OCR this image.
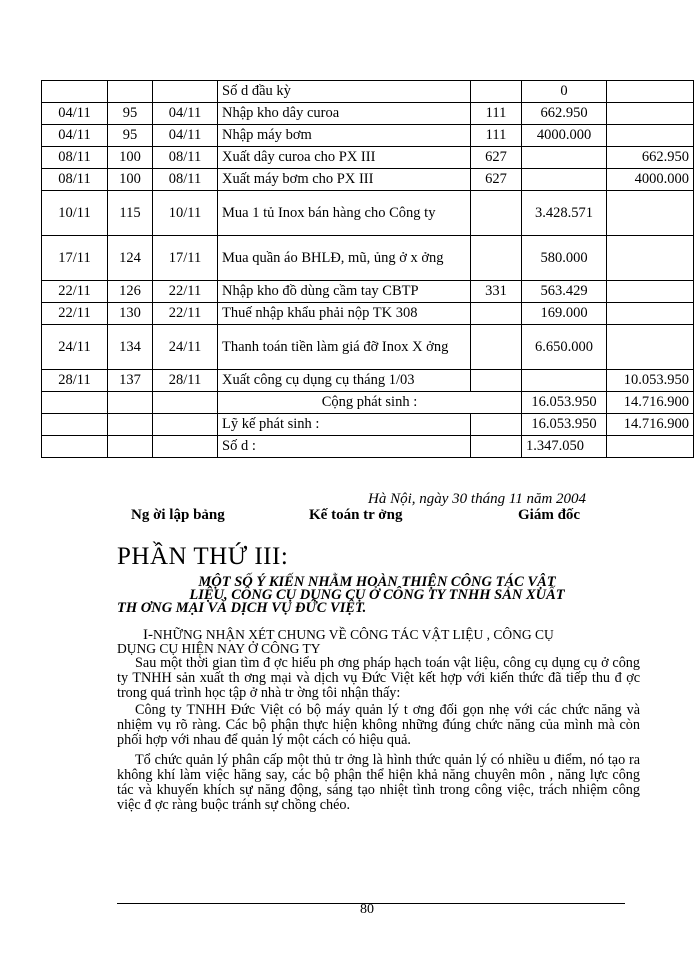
			Số d đầu kỳ		0	
04/11	95	04/11	Nhập kho dây curoa	111	662.950	
04/11	95	04/11	Nhập máy bơm	111	4000.000	
08/11	100	08/11	Xuất dây curoa cho PX III	627		662.950
08/11	100	08/11	Xuất máy bơm cho PX III	627		4000.000
10/11	115	10/11	Mua 1 tủ Inox bán hàng cho Công ty		3.428.571	
17/11	124	17/11	Mua quần áo BHLĐ, mũ, ủng ở x ởng		580.000	
22/11	126	22/11	Nhập kho đồ dùng cầm tay CBTP	331	563.429	
22/11	130	22/11	Thuế nhập khẩu phải nộp TK 308		169.000	
24/11	134	24/11	Thanh toán tiền làm giá đỡ Inox X ởng		6.650.000	
28/11	137	28/11	Xuất công cụ dụng cụ tháng 1/03			10.053.950
			Cộng phát sinh :		16.053.950	14.716.900
			Lỹ kế phát sinh :		16.053.950	14.716.900
			Số d :		1.347.050	
Hà Nội, ngày 30 tháng 11 năm 2004
Ng ời lập bảng	Kế toán tr ởng	Giám đốc
PHẦN THỨ III:
MỘT SỐ Ý KIẾN NHẰM HOÀN THIỆN CÔNG TÁC VẬT
LIỆU, CÔNG CỤ DỤNG CỤ Ở CÔNG TY TNHH SẢN XUẤT
TH ƠNG MẠI VÀ DỊCH VỤ ĐỨC VIỆT.
I-NHỮNG NHẬN XÉT CHUNG VỀ CÔNG TÁC VẬT LIỆU , CÔNG CỤ
DỤNG CỤ HIỆN NAY Ở CÔNG TY

Sau một thời gian tìm đ ợc hiểu ph ơng pháp hạch toán vật liệu, công cụ dụng cụ ở công ty TNHH sản xuất th ơng mại và dịch vụ Đức Việt kết hợp với kiến thức đã tiếp thu đ ợc trong quá trình học tập ở nhà tr ờng tôi nhận thấy:

Công ty TNHH Đức Việt có bộ máy quản lý t ơng đối gọn nhẹ với các chức năng và nhiệm vụ rõ ràng. Các bộ phận thực hiện không những đúng chức năng của mình mà còn phối hợp với nhau để quản lý một cách có hiệu quả.

Tổ chức quản lý phân cấp một thủ tr ởng là hình thức quản lý có nhiều u điểm, nó tạo ra không khí làm việc hăng say, các bộ phận thể hiện khả năng chuyên môn , năng lực công tác và khuyến khích sự năng động, sáng tạo nhiệt tình trong công việc, trách nhiệm công việc đ ợc ràng buộc tránh sự chồng chéo.

80
